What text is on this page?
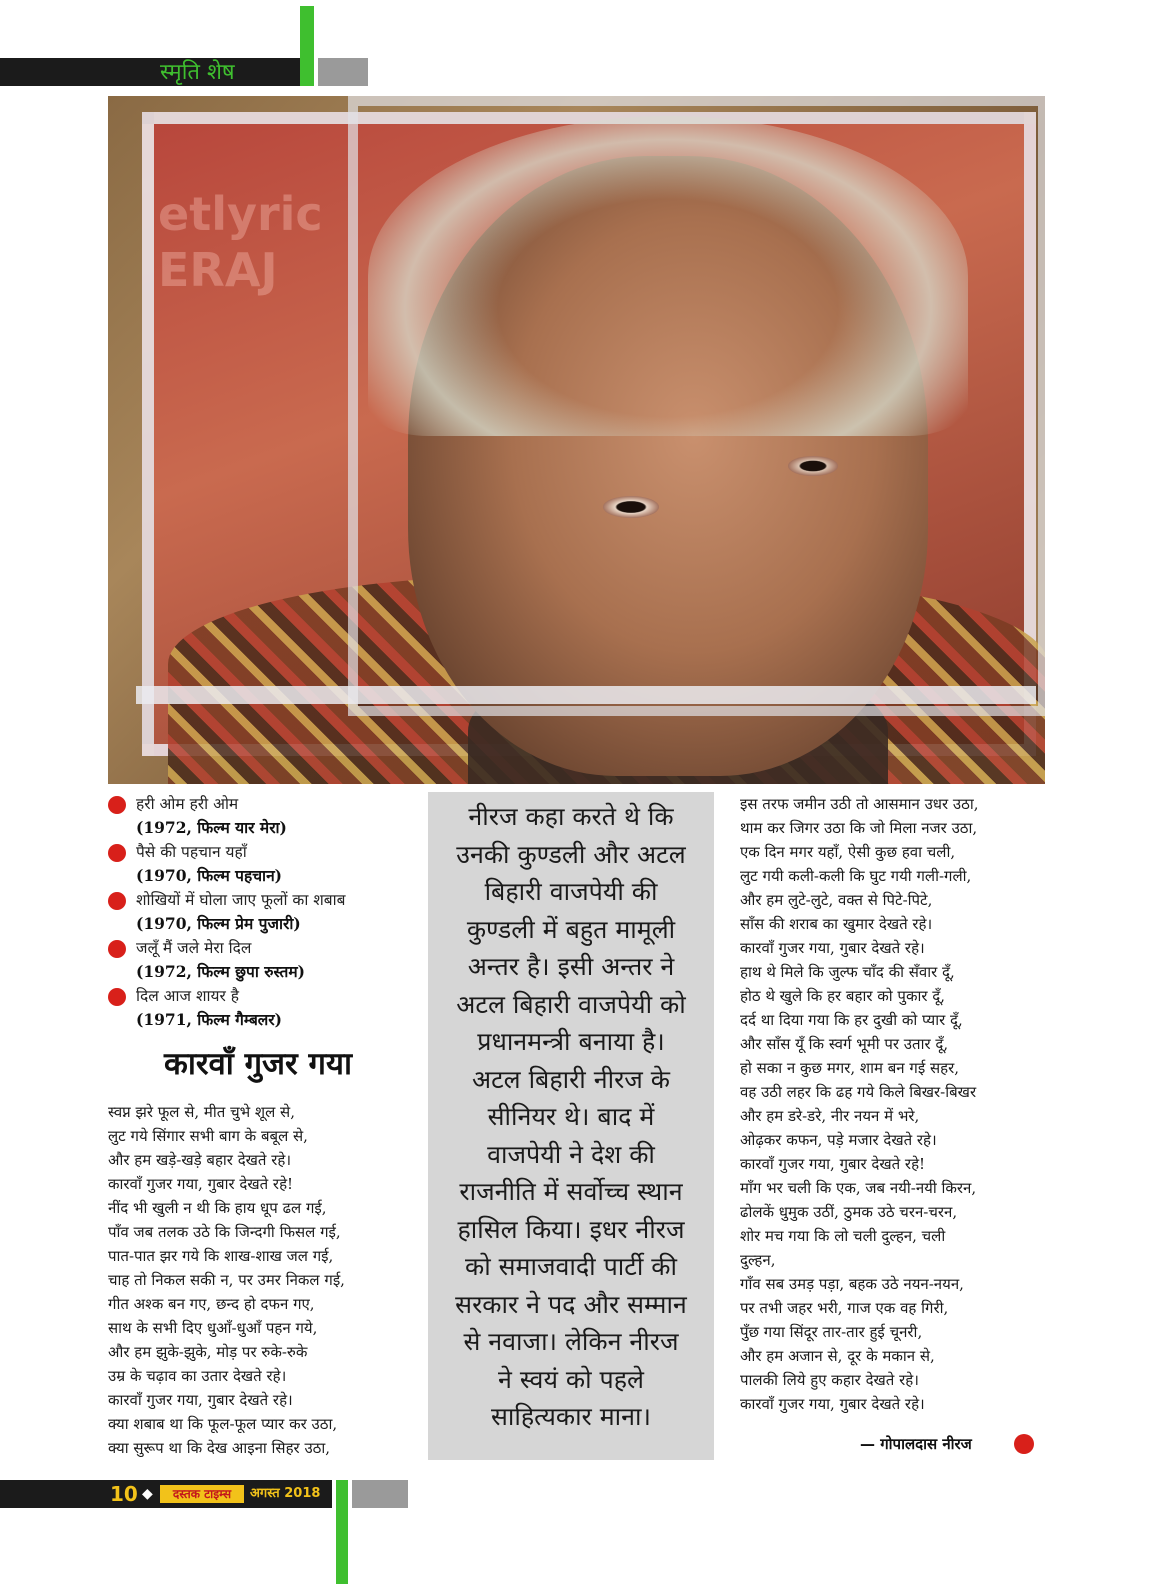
स्मृति शेष
etlyric
ERAJ
हरी ओम हरी ओम
(1972, फिल्म यार मेरा)
पैसे की पहचान यहाँ
(1970, फिल्म पहचान)
शोखियों में घोला जाए फूलों का शबाब
(1970, फिल्म प्रेम पुजारी)
जलूँ मैं जले मेरा दिल
(1972, फिल्म छुपा रुस्तम)
दिल आज शायर है
(1971, फिल्म गैम्बलर)
कारवाँ गुजर गया
स्वप्न झरे फूल से, मीत चुभे शूल से,
लुट गये सिंगार सभी बाग के बबूल से,
और हम खड़े-खड़े बहार देखते रहे।
कारवाँ गुजर गया, गुबार देखते रहे!
नींद भी खुली न थी कि हाय धूप ढल गई,
पाँव जब तलक उठे कि जिन्दगी फिसल गई,
पात-पात झर गये कि शाख-शाख जल गई,
चाह तो निकल सकी न, पर उमर निकल गई,
गीत अश्क बन गए, छन्द हो दफन गए,
साथ के सभी दिए धुआँ-धुआँ पहन गये,
और हम झुके-झुके, मोड़ पर रुके-रुके
उम्र के चढ़ाव का उतार देखते रहे।
कारवाँ गुजर गया, गुबार देखते रहे।
क्या शबाब था कि फूल-फूल प्यार कर उठा,
क्या सुरूप था कि देख आइना सिहर उठा,
नीरज कहा करते थे कि
उनकी कुण्डली और अटल
बिहारी वाजपेयी की
कुण्डली में बहुत मामूली
अन्तर है। इसी अन्तर ने
अटल बिहारी वाजपेयी को
प्रधानमन्त्री बनाया है।
अटल बिहारी नीरज के
सीनियर थे। बाद में
वाजपेयी ने देश की
राजनीति में सर्वोच्च स्थान
हासिल किया। इधर नीरज
को समाजवादी पार्टी की
सरकार ने पद और सम्मान
से नवाजा। लेकिन नीरज
ने स्वयं को पहले
साहित्यकार माना।
इस तरफ जमीन उठी तो आसमान उधर उठा,
थाम कर जिगर उठा कि जो मिला नजर उठा,
एक दिन मगर यहाँ, ऐसी कुछ हवा चली,
लुट गयी कली-कली कि घुट गयी गली-गली,
और हम लुटे-लुटे, वक्त से पिटे-पिटे,
साँस की शराब का खुमार देखते रहे।
कारवाँ गुजर गया, गुबार देखते रहे।
हाथ थे मिले कि जुल्फ चाँद की सँवार दूँ,
होठ थे खुले कि हर बहार को पुकार दूँ,
दर्द था दिया गया कि हर दुखी को प्यार दूँ,
और साँस यूँ कि स्वर्ग भूमी पर उतार दूँ,
हो सका न कुछ मगर, शाम बन गई सहर,
वह उठी लहर कि ढह गये किले बिखर-बिखर
और हम डरे-डरे, नीर नयन में भरे,
ओढ़कर कफन, पड़े मजार देखते रहे।
कारवाँ गुजर गया, गुबार देखते रहे!
माँग भर चली कि एक, जब नयी-नयी किरन,
ढोलकें धुमुक उठीं, ठुमक उठे चरन-चरन,
शोर मच गया कि लो चली दुल्हन, चली
दुल्हन,
गाँव सब उमड़ पड़ा, बहक उठे नयन-नयन,
पर तभी जहर भरी, गाज एक वह गिरी,
पुँछ गया सिंदूर तार-तार हुई चूनरी,
और हम अजान से, दूर के मकान से,
पालकी लिये हुए कहार देखते रहे।
कारवाँ गुजर गया, गुबार देखते रहे।
— गोपालदास नीरज
10 ◆	दस्तक टाइम्स	अगस्त 2018
